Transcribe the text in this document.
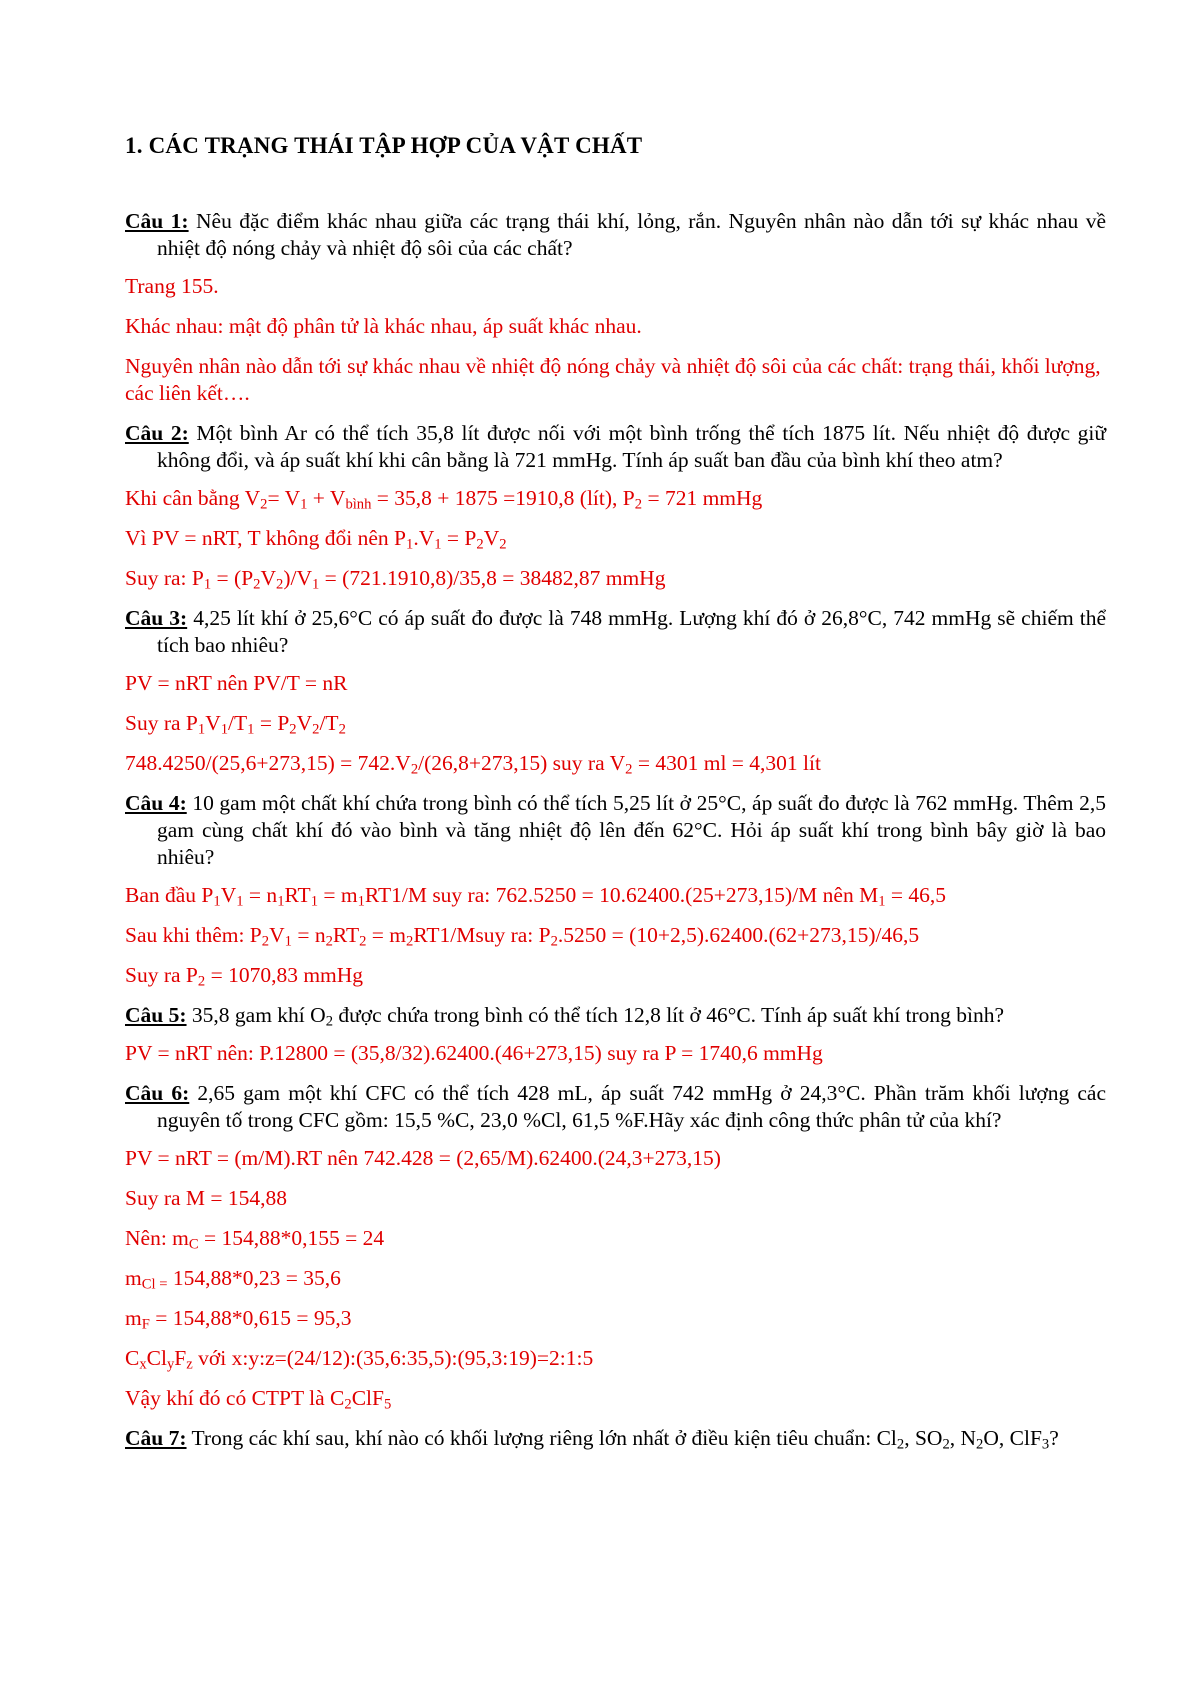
1. CÁC TRẠNG THÁI TẬP HỢP CỦA VẬT CHẤT

Câu 1: Nêu đặc điểm khác nhau giữa các trạng thái khí, lỏng, rắn. Nguyên nhân nào dẫn tới sự khác nhau về nhiệt độ nóng chảy và nhiệt độ sôi của các chất?

Trang 155.

Khác nhau: mật độ phân tử là khác nhau, áp suất khác nhau.

Nguyên nhân nào dẫn tới sự khác nhau về nhiệt độ nóng chảy và nhiệt độ sôi của các chất: trạng thái, khối lượng, các liên kết….

Câu 2: Một bình Ar có thể tích 35,8 lít được nối với một bình trống thể tích 1875 lít. Nếu nhiệt độ được giữ không đổi, và áp suất khí khi cân bằng là 721 mmHg. Tính áp suất ban đầu của bình khí theo atm?

Khi cân bằng $V_2= V_1 + V_{bình} = 35,8 + 1875 =1910,8$ (lít), $P_2 = 721$ mmHg

Vì PV = nRT, T không đổi nên $P_1.V_1 = P_2V_2$

Suy ra: $P_1 = (P_2V_2)/V_1 = (721.1910,8)/35,8 = 38482,87$ mmHg

Câu 3: 4,25 lít khí ở 25,6°C có áp suất đo được là 748 mmHg. Lượng khí đó ở 26,8°C, 742 mmHg sẽ chiếm thể tích bao nhiêu?

PV = nRT nên PV/T = nR

Suy ra $P_1V_1/T_1 = P_2V_2/T_2$

$748.4250/(25,6+273,15) = 742.V_2/(26,8+273,15)$ suy ra $V_2 = 4301$ ml = 4,301 lít

Câu 4: 10 gam một chất khí chứa trong bình có thể tích 5,25 lít ở 25°C, áp suất đo được là 762 mmHg. Thêm 2,5 gam cùng chất khí đó vào bình và tăng nhiệt độ lên đến 62°C. Hỏi áp suất khí trong bình bây giờ là bao nhiêu?

Ban đầu $P_1V_1 = n_1RT_1 = m_1RT1/M$ suy ra: 762.5250 = 10.62400.(25+273,15)/M nên $M_1 = 46,5$

Sau khi thêm: $P_2V_1 = n_2RT_2$ = $m_2RT1$/Msuy ra: $P_2.5250 = (10+2,5).62400.(62+273,15)/46,5$

Suy ra $P_2 = 1070,83$ mmHg

Câu 5: 35,8 gam khí $O_2$ được chứa trong bình có thể tích 12,8 lít ở 46°C. Tính áp suất khí trong bình?

PV = nRT nên: P.12800 = (35,8/32).62400.(46+273,15) suy ra P = 1740,6 mmHg

Câu 6: 2,65 gam một khí CFC có thể tích 428 mL, áp suất 742 mmHg ở 24,3°C. Phần trăm khối lượng các nguyên tố trong CFC gồm: 15,5 %C, 23,0 %Cl, 61,5 %F.Hãy xác định công thức phân tử của khí?

PV = nRT = (m/M).RT nên 742.428 = (2,65/M).62400.(24,3+273,15)

Suy ra M = 154,88

Nên: $m_C = 154,88*0,155 = 24$

$m_{Cl =}$ 154,88*0,23 = 35,6

$m_F = 154,88*0,615 = 95,3$

$C_xCl_yF_z$ với x:y:z=(24/12):(35,6:35,5):(95,3:19)=2:1:5

Vậy khí đó có CTPT là $C_2ClF_5$

Câu 7: Trong các khí sau, khí nào có khối lượng riêng lớn nhất ở điều kiện tiêu chuẩn: $Cl_2$, $SO_2$, $N_2O$, ClF$_3$?
